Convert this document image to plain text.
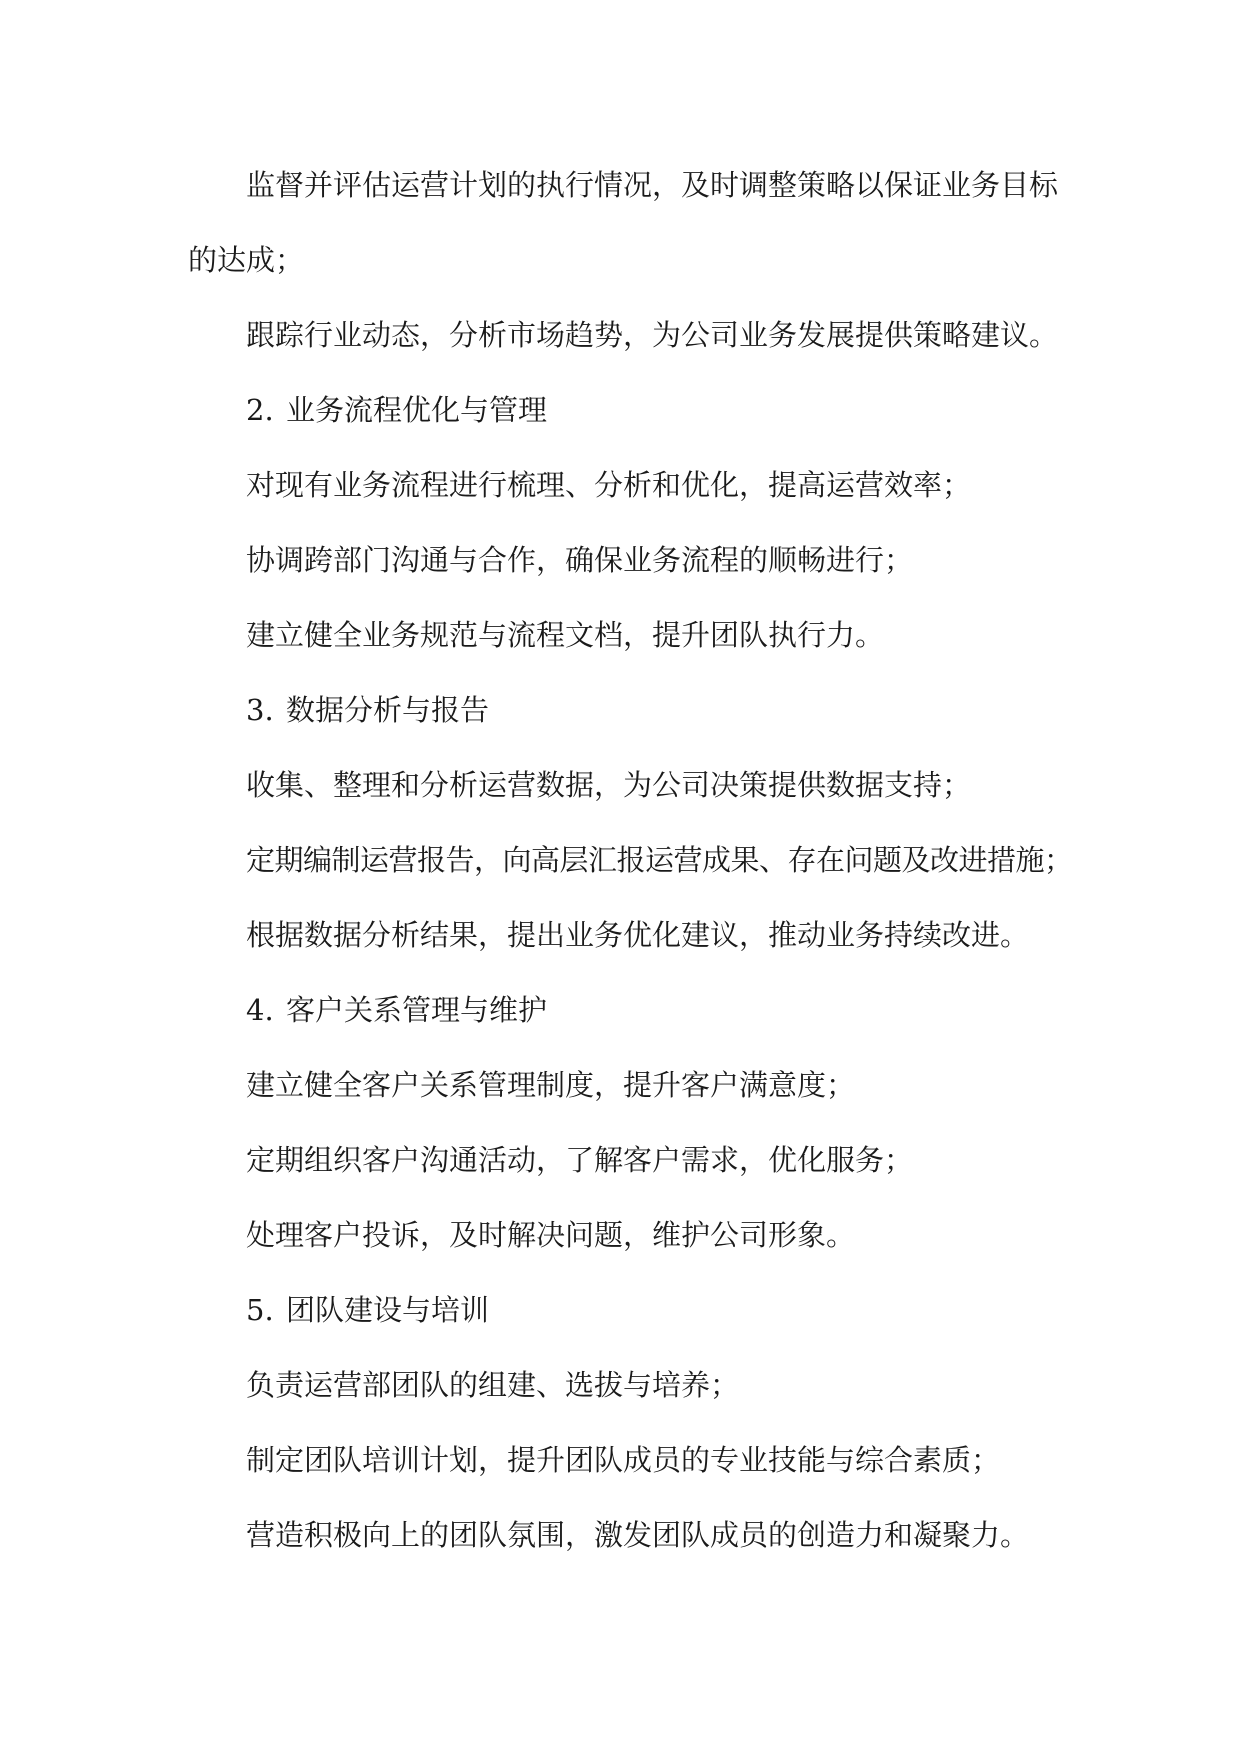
监督并评估运营计划的执行情况，及时调整策略以保证业务目标的达成；

跟踪行业动态，分析市场趋势，为公司业务发展提供策略建议。

2. 业务流程优化与管理

对现有业务流程进行梳理、分析和优化，提高运营效率；

协调跨部门沟通与合作，确保业务流程的顺畅进行；

建立健全业务规范与流程文档，提升团队执行力。

3. 数据分析与报告

收集、整理和分析运营数据，为公司决策提供数据支持；

定期编制运营报告，向高层汇报运营成果、存在问题及改进措施；

根据数据分析结果，提出业务优化建议，推动业务持续改进。

4. 客户关系管理与维护

建立健全客户关系管理制度，提升客户满意度；

定期组织客户沟通活动，了解客户需求，优化服务；

处理客户投诉，及时解决问题，维护公司形象。

5. 团队建设与培训

负责运营部团队的组建、选拔与培养；

制定团队培训计划，提升团队成员的专业技能与综合素质；

营造积极向上的团队氛围，激发团队成员的创造力和凝聚力。
